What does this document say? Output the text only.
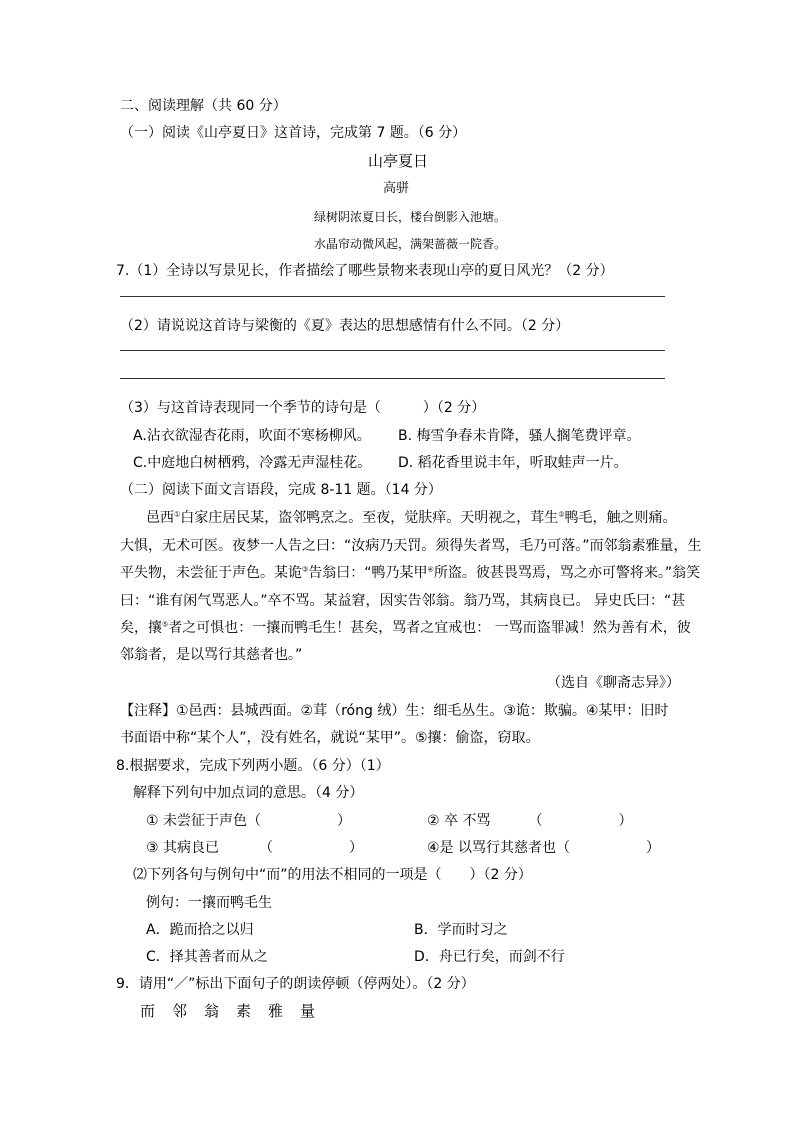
二、阅读理解（共 60 分）
（一）阅读《山亭夏日》这首诗，完成第 7 题。（6 分）
山亭夏日
高骈
绿树阴浓夏日长，楼台倒影入池塘。
水晶帘动微风起，满架蔷薇一院香。
7.（1）全诗以写景见长，作者描绘了哪些景物来表现山亭的夏日风光？（2 分）
（2）请说说这首诗与梁衡的《夏》表达的思想感情有什么不同。（2 分）
（3）与这首诗表现同一个季节的诗句是（　　　）（2 分）
A.沾衣欲湿杏花雨，吹面不寒杨柳风。 B. 梅雪争春未肯降，骚人搁笔费评章。
C.中庭地白树栖鸦，冷露无声湿桂花。 D. 稻花香里说丰年，听取蛙声一片。
（二）阅读下面文言语段，完成 8-11 题。（14 分）
邑西①白家庄居民某，盗邻鸭烹之。至夜，觉肤痒。天明视之，茸生②鸭毛，触之则痛。
大惧，无术可医。夜梦一人告之曰：“汝病乃天罚。须得失者骂，毛乃可落。”而邻翁素雅量，生
平失物，未尝征于声色。某诡③告翁曰：“鸭乃某甲④所盗。彼甚畏骂焉，骂之亦可警将来。”翁笑
曰：“谁有闲气骂恶人。”卒不骂。某益窘，因实告邻翁。翁乃骂，其病良已。 异史氏曰：“甚
矣，攘⑤者之可惧也：一攘而鸭毛生！甚矣，骂者之宜戒也： 一骂而盗罪减！然为善有术，彼
邻翁者，是以骂行其慈者也。”
（选自《聊斋志异》）
【注释】①邑西：县城西面。②茸（róng 绒）生：细毛丛生。③诡：欺骗。④某甲：旧时
书面语中称“某个人”，没有姓名，就说“某甲”。⑤攘：偷盗，窃取。
8.根据要求，完成下列两小题。（6 分）（1）
解释下列句中加点词的意思。（4 分）
① 未尝征于声色（	）	② 卒 不骂	（	）
③ 其病良已	（	）	④是 以骂行其慈者也（	）
⑵下列各句与例句中“而”的用法不相同的一项是（　　）（2 分）
例句：一攘而鸭毛生
A．跪而拾之以归	B．学而时习之
C．择其善者而从之	D．舟已行矣，而剑不行
9．请用“／”标出下面句子的朗读停顿（停两处）。（2 分）
而邻翁素雅量
